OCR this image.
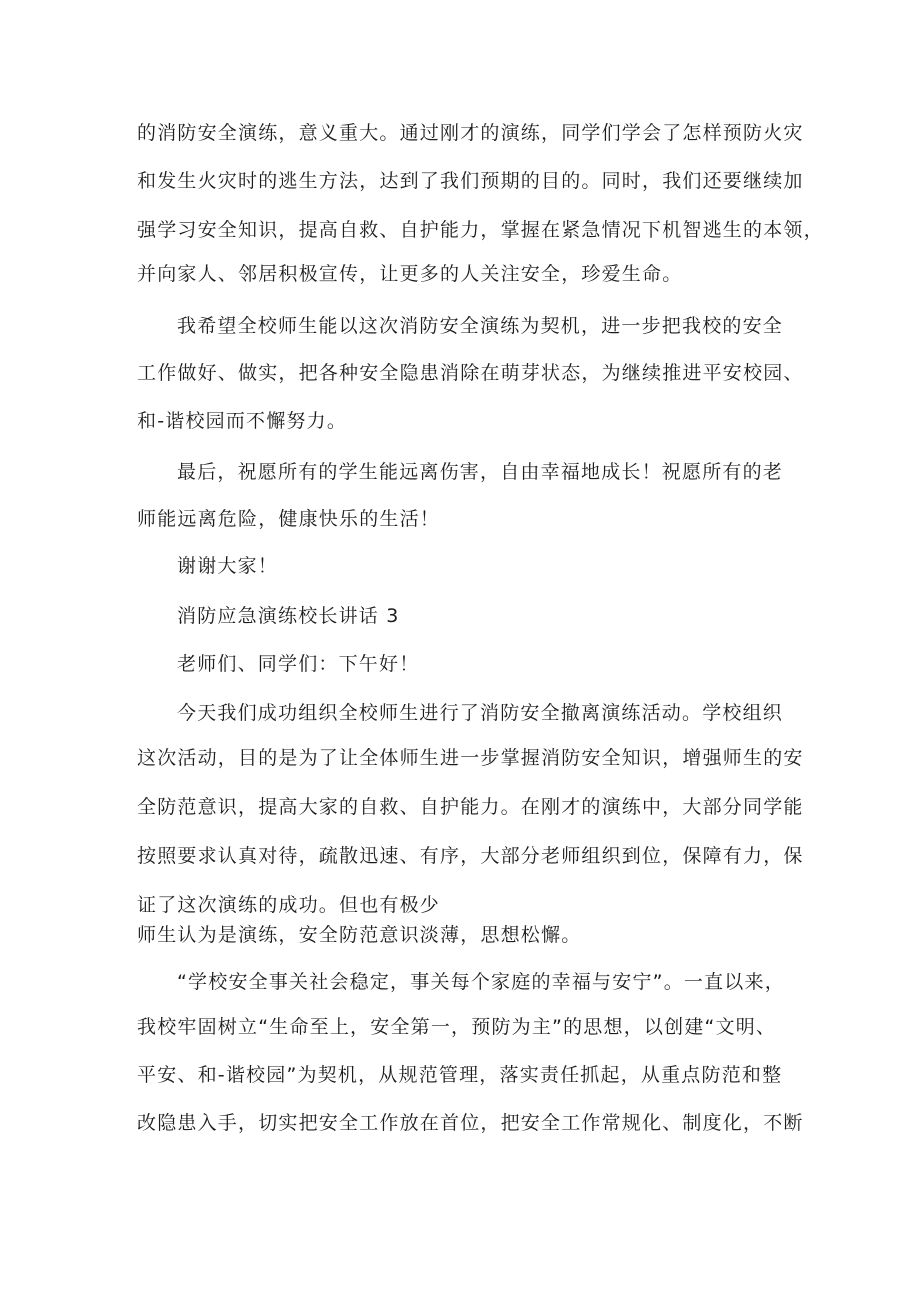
的消防安全演练，意义重大。通过刚才的演练，同学们学会了怎样预防火灾
和发生火灾时的逃生方法，达到了我们预期的目的。同时，我们还要继续加
强学习安全知识，提高自救、自护能力，掌握在紧急情况下机智逃生的本领，
并向家人、邻居积极宣传，让更多的人关注安全，珍爱生命。
我希望全校师生能以这次消防安全演练为契机，进一步把我校的安全
工作做好、做实，把各种安全隐患消除在萌芽状态，为继续推进平安校园、
和-谐校园而不懈努力。
最后，祝愿所有的学生能远离伤害，自由幸福地成长！祝愿所有的老
师能远离危险，健康快乐的生活！
谢谢大家！
消防应急演练校长讲话 3
老师们、同学们：下午好！
今天我们成功组织全校师生进行了消防安全撤离演练活动。学校组织
这次活动，目的是为了让全体师生进一步掌握消防安全知识，增强师生的安
全防范意识，提高大家的自救、自护能力。在刚才的演练中，大部分同学能
按照要求认真对待，疏散迅速、有序，大部分老师组织到位，保障有力，保
证了这次演练的成功。但也有极少
师生认为是演练，安全防范意识淡薄，思想松懈。
“学校安全事关社会稳定，事关每个家庭的幸福与安宁”。一直以来，
我校牢固树立“生命至上，安全第一，预防为主”的思想，以创建“文明、
平安、和-谐校园”为契机，从规范管理，落实责任抓起，从重点防范和整
改隐患入手，切实把安全工作放在首位，把安全工作常规化、制度化，不断
